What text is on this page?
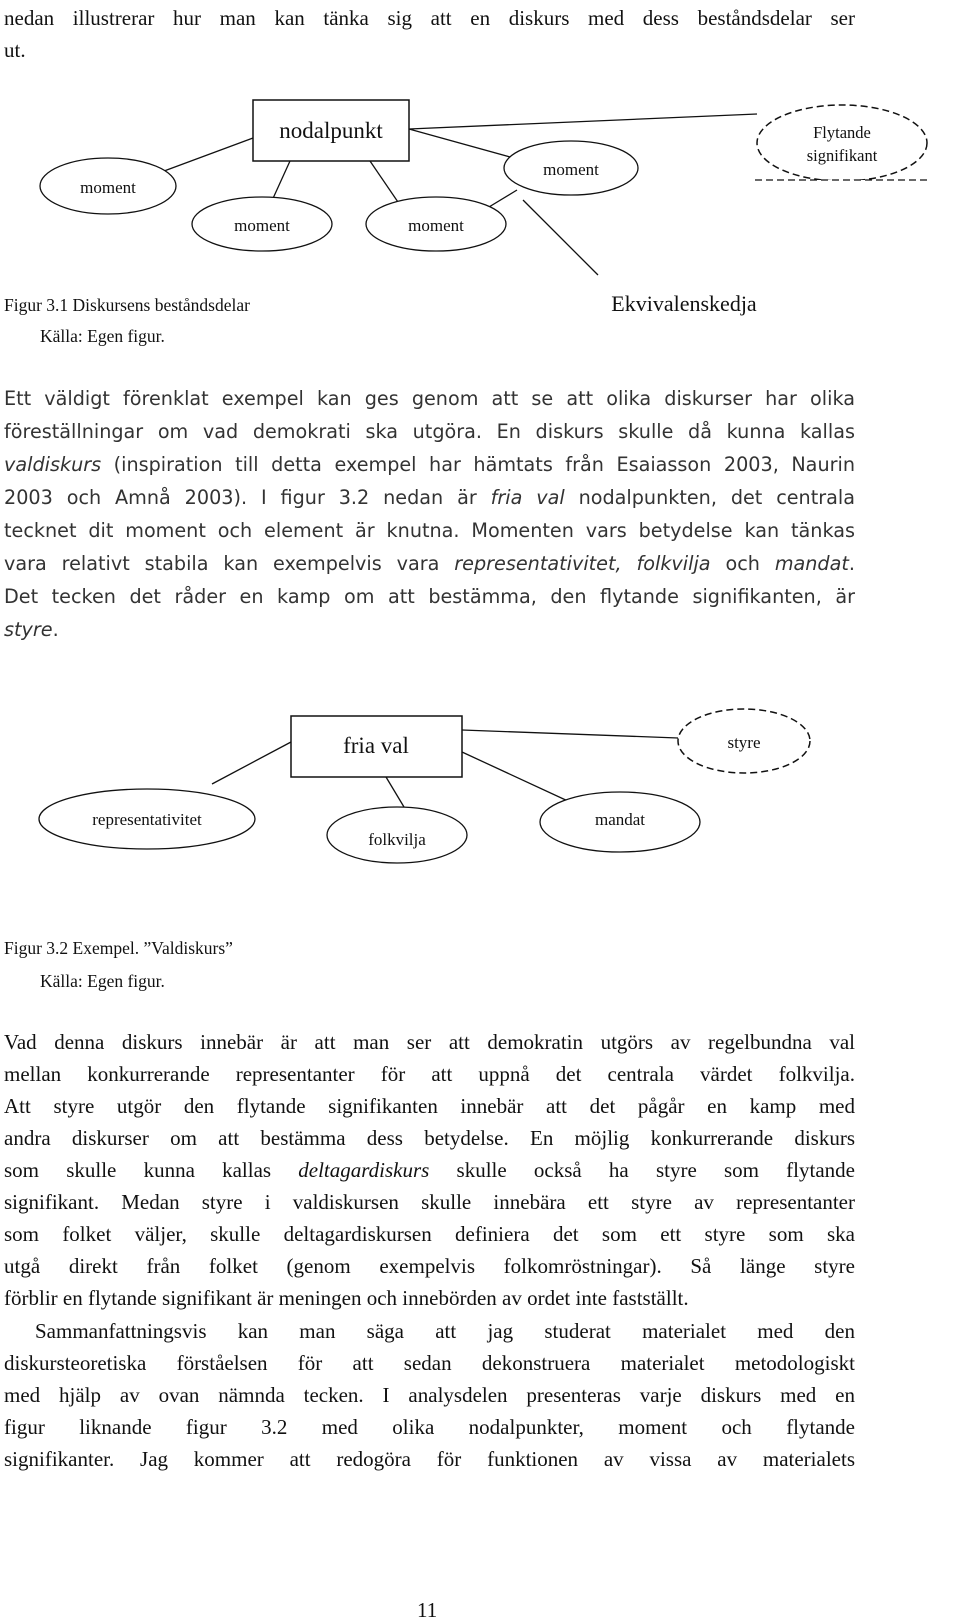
nedan illustrerar hur man kan tänka sig att en diskurs med dess beståndsdelar ser
ut.
nodalpunkt
moment
moment	moment
moment
Flytande
signifikant
Ekvivalenskedja
Figur 3.1 Diskursens beståndsdelar
Källa: Egen figur.
Ett väldigt förenklat exempel kan ges genom att se att olika diskurser har olika
föreställningar om vad demokrati ska utgöra. En diskurs skulle då kunna kallas
valdiskurs (inspiration till detta exempel har hämtats från Esaiasson 2003, Naurin
2003 och Amnå 2003). I figur 3.2 nedan är fria val nodalpunkten, det centrala
tecknet dit moment och element är knutna. Momenten vars betydelse kan tänkas
vara relativt stabila kan exempelvis vara representativitet, folkvilja och mandat.
Det tecken det råder en kamp om att bestämma, den flytande signifikanten, är
styre.
fria val	styre
representativitet
folkvilja
mandat
Figur 3.2 Exempel. ”Valdiskurs”
Källa: Egen figur.
Vad denna diskurs innebär är att man ser att demokratin utgörs av regelbundna val
mellan konkurrerande representanter för att uppnå det centrala värdet folkvilja.
Att styre utgör den flytande signifikanten innebär att det pågår en kamp med
andra diskurser om att bestämma dess betydelse. En möjlig konkurrerande diskurs
som skulle kunna kallas deltagardiskurs skulle också ha styre som flytande
signifikant. Medan styre i valdiskursen skulle innebära ett styre av representanter
som folket väljer, skulle deltagardiskursen definiera det som ett styre som ska
utgå direkt från folket (genom exempelvis folkomröstningar). Så länge styre
förblir en flytande signifikant är meningen och innebörden av ordet inte fastställt.
Sammanfattningsvis kan man säga att jag studerat materialet med den
diskursteoretiska förståelsen för att sedan dekonstruera materialet metodologiskt
med hjälp av ovan nämnda tecken. I analysdelen presenteras varje diskurs med en
figur liknande figur 3.2 med olika nodalpunkter, moment och flytande
signifikanter. Jag kommer att redogöra för funktionen av vissa av materialets
11
